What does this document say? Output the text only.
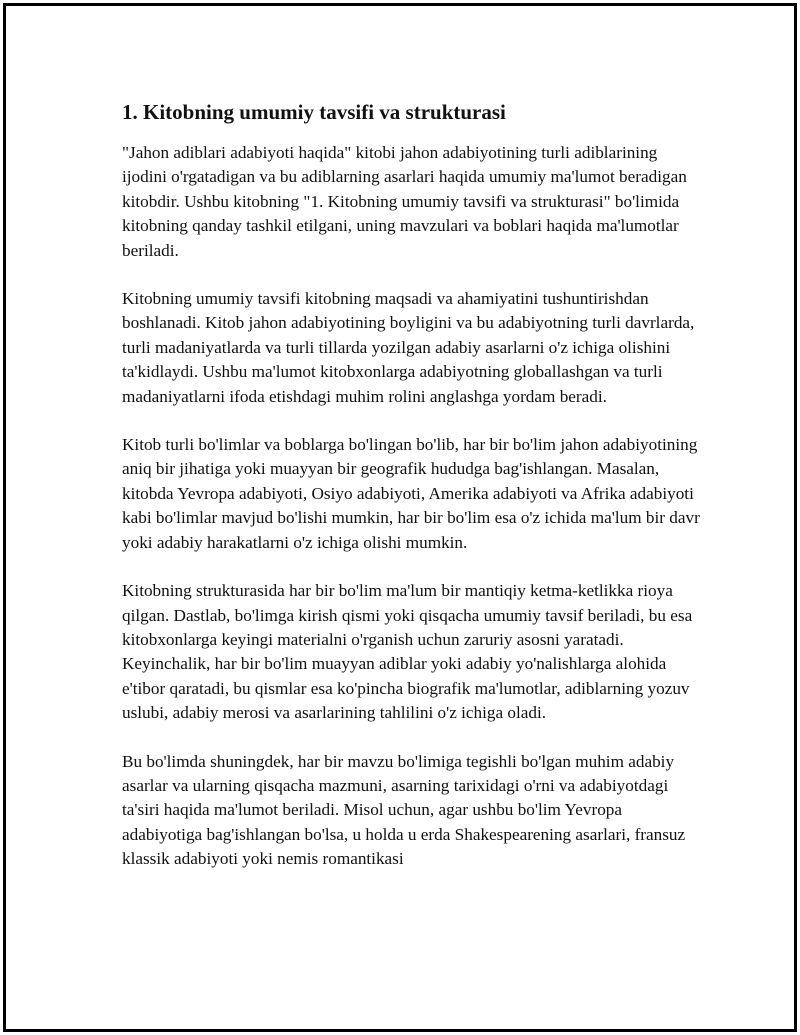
1. Kitobning umumiy tavsifi va strukturasi

"Jahon adiblari adabiyoti haqida" kitobi jahon adabiyotining turli adiblarining ijodini o'rgatadigan va bu adiblarning asarlari haqida umumiy ma'lumot beradigan kitobdir. Ushbu kitobning "1. Kitobning umumiy tavsifi va strukturasi" bo'limida kitobning qanday tashkil etilgani, uning mavzulari va boblari haqida ma'lumotlar beriladi.

Kitobning umumiy tavsifi kitobning maqsadi va ahamiyatini tushuntirishdan boshlanadi. Kitob jahon adabiyotining boyligini va bu adabiyotning turli davrlarda, turli madaniyatlarda va turli tillarda yozilgan adabiy asarlarni o'z ichiga olishini ta'kidlaydi. Ushbu ma'lumot kitobxonlarga adabiyotning globallashgan va turli madaniyatlarni ifoda etishdagi muhim rolini anglashga yordam beradi.

Kitob turli bo'limlar va boblarga bo'lingan bo'lib, har bir bo'lim jahon adabiyotining aniq bir jihatiga yoki muayyan bir geografik hududga bag'ishlangan. Masalan, kitobda Yevropa adabiyoti, Osiyo adabiyoti, Amerika adabiyoti va Afrika adabiyoti kabi bo'limlar mavjud bo'lishi mumkin, har bir bo'lim esa o'z ichida ma'lum bir davr yoki adabiy harakatlarni o'z ichiga olishi mumkin.

Kitobning strukturasida har bir bo'lim ma'lum bir mantiqiy ketma-ketlikka rioya qilgan. Dastlab, bo'limga kirish qismi yoki qisqacha umumiy tavsif beriladi, bu esa kitobxonlarga keyingi materialni o'rganish uchun zaruriy asosni yaratadi. Keyinchalik, har bir bo'lim muayyan adiblar yoki adabiy yo'nalishlarga alohida e'tibor qaratadi, bu qismlar esa ko'pincha biografik ma'lumotlar, adiblarning yozuv uslubi, adabiy merosi va asarlarining tahlilini o'z ichiga oladi.

Bu bo'limda shuningdek, har bir mavzu bo'limiga tegishli bo'lgan muhim adabiy asarlar va ularning qisqacha mazmuni, asarning tarixidagi o'rni va adabiyotdagi ta'siri haqida ma'lumot beriladi. Misol uchun, agar ushbu bo'lim Yevropa adabiyotiga bag'ishlangan bo'lsa, u holda u erda Shakespearening asarlari, fransuz klassik adabiyoti yoki nemis romantikasi
